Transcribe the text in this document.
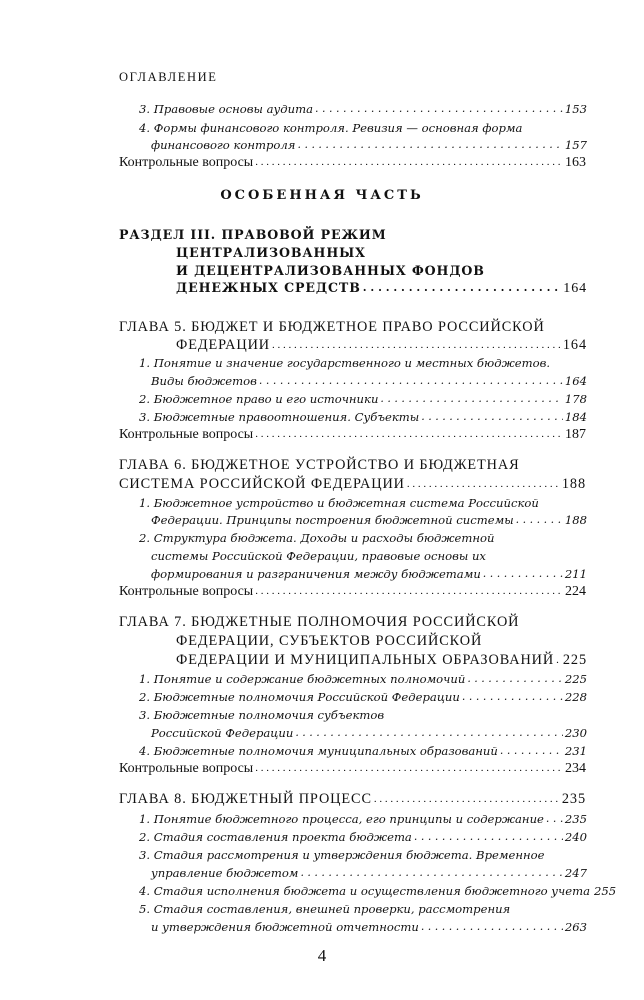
ОГЛАВЛЕНИЕ
3. Правовые основы аудита . . .	153
4. Формы финансового контроля. Ревизия — основная форма
финансового контроля . . .	157
Контрольные вопросы . . .	163
ОСОБЕННАЯ ЧАСТЬ
РАЗДЕЛ III. ПРАВОВОЙ РЕЖИМ
ЦЕНТРАЛИЗОВАННЫХ
И ДЕЦЕНТРАЛИЗОВАННЫХ ФОНДОВ
ДЕНЕЖНЫХ СРЕДСТВ . . .	164
ГЛАВА 5. БЮДЖЕТ И БЮДЖЕТНОЕ ПРАВО РОССИЙСКОЙ
ФЕДЕРАЦИИ . . .	164
1. Понятие и значение государственного и местных бюджетов.
Виды бюджетов . . .	164
2. Бюджетное право и его источники . . .	178
3. Бюджетные правоотношения. Субъекты . . .	184
Контрольные вопросы . . .	187
ГЛАВА 6. БЮДЖЕТНОЕ УСТРОЙСТВО И БЮДЖЕТНАЯ
СИСТЕМА РОССИЙСКОЙ ФЕДЕРАЦИИ . . .	188
1. Бюджетное устройство и бюджетная система Российской
Федерации. Принципы построения бюджетной системы . . .	188
2. Структура бюджета. Доходы и расходы бюджетной
системы Российской Федерации, правовые основы их
формирования и разграничения между бюджетами . . .	211
Контрольные вопросы . . .	224
ГЛАВА 7. БЮДЖЕТНЫЕ ПОЛНОМОЧИЯ РОССИЙСКОЙ
ФЕДЕРАЦИИ, СУБЪЕКТОВ РОССИЙСКОЙ
ФЕДЕРАЦИИ И МУНИЦИПАЛЬНЫХ ОБРАЗОВАНИЙ . . . 225
1. Понятие и содержание бюджетных полномочий . . .	225
2. Бюджетные полномочия Российской Федерации . . .	228
3. Бюджетные полномочия субъектов
Российской Федерации . . .	230
4. Бюджетные полномочия муниципальных образований . . .	231
Контрольные вопросы . . .	234
ГЛАВА 8. БЮДЖЕТНЫЙ ПРОЦЕСС . . .	235
1. Понятие бюджетного процесса, его принципы и содержание . . . 235
2. Стадия составления проекта бюджета . . .	240
3. Стадия рассмотрения и утверждения бюджета. Временное
управление бюджетом . . .	247
4. Стадия исполнения бюджета и осуществления бюджетного учета 255
5. Стадия составления, внешней проверки, рассмотрения
и утверждения бюджетной отчетности . . .	263
4
